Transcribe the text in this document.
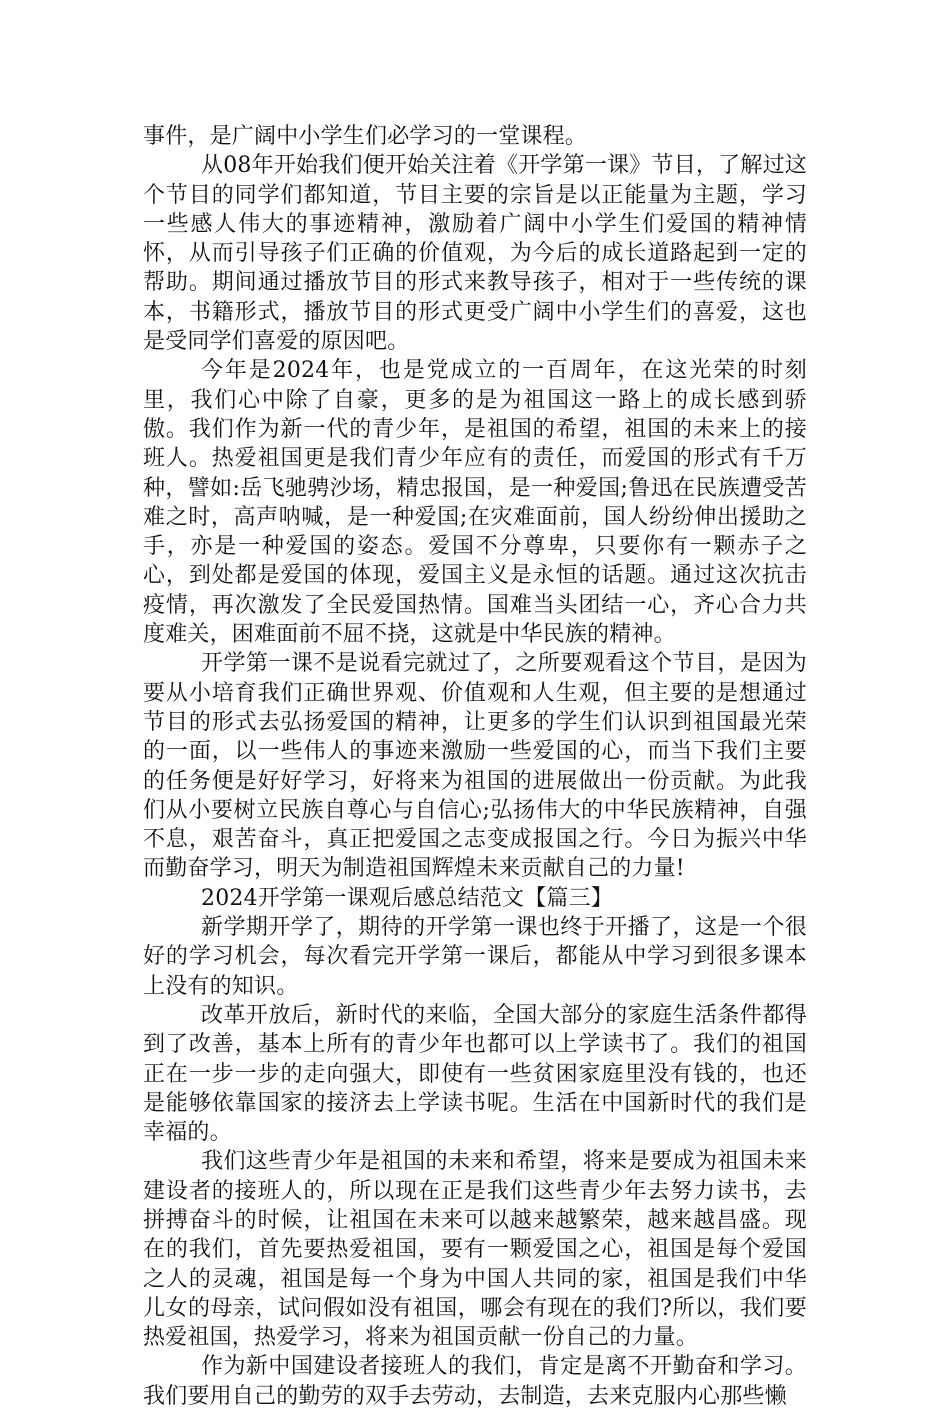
事件，是广阔中小学生们必学习的一堂课程。

从08年开始我们便开始关注着《开学第一课》节目，了解过这个节目的同学们都知道，节目主要的宗旨是以正能量为主题，学习一些感人伟大的事迹精神，激励着广阔中小学生们爱国的精神情怀，从而引导孩子们正确的价值观，为今后的成长道路起到一定的帮助。期间通过播放节目的形式来教导孩子，相对于一些传统的课本，书籍形式，播放节目的形式更受广阔中小学生们的喜爱，这也是受同学们喜爱的原因吧。

今年是2024年，也是党成立的一百周年，在这光荣的时刻里，我们心中除了自豪，更多的是为祖国这一路上的成长感到骄傲。我们作为新一代的青少年，是祖国的希望，祖国的未来上的接班人。热爱祖国更是我们青少年应有的责任，而爱国的形式有千万种，譬如:岳飞驰骋沙场，精忠报国，是一种爱国;鲁迅在民族遭受苦难之时，高声呐喊，是一种爱国;在灾难面前，国人纷纷伸出援助之手，亦是一种爱国的姿态。爱国不分尊卑，只要你有一颗赤子之心，到处都是爱国的体现，爱国主义是永恒的话题。通过这次抗击疫情，再次激发了全民爱国热情。国难当头团结一心，齐心合力共度难关，困难面前不屈不挠，这就是中华民族的精神。

开学第一课不是说看完就过了，之所要观看这个节目，是因为要从小培育我们正确世界观、价值观和人生观，但主要的是想通过节目的形式去弘扬爱国的精神，让更多的学生们认识到祖国最光荣的一面，以一些伟人的事迹来激励一些爱国的心，而当下我们主要的任务便是好好学习，好将来为祖国的进展做出一份贡献。为此我们从小要树立民族自尊心与自信心;弘扬伟大的中华民族精神，自强不息，艰苦奋斗，真正把爱国之志变成报国之行。今日为振兴中华而勤奋学习，明天为制造祖国辉煌未来贡献自己的力量!

2024开学第一课观后感总结范文【篇三】

新学期开学了，期待的开学第一课也终于开播了，这是一个很好的学习机会，每次看完开学第一课后，都能从中学习到很多课本上没有的知识。

改革开放后，新时代的来临，全国大部分的家庭生活条件都得到了改善，基本上所有的青少年也都可以上学读书了。我们的祖国正在一步一步的走向强大，即使有一些贫困家庭里没有钱的，也还是能够依靠国家的接济去上学读书呢。生活在中国新时代的我们是幸福的。

我们这些青少年是祖国的未来和希望，将来是要成为祖国未来建设者的接班人的，所以现在正是我们这些青少年去努力读书，去拼搏奋斗的时候，让祖国在未来可以越来越繁荣，越来越昌盛。现在的我们，首先要热爱祖国，要有一颗爱国之心，祖国是每个爱国之人的灵魂，祖国是每一个身为中国人共同的家，祖国是我们中华儿女的母亲，试问假如没有祖国，哪会有现在的我们?所以，我们要热爱祖国，热爱学习，将来为祖国贡献一份自己的力量。

作为新中国建设者接班人的我们，肯定是离不开勤奋和学习。我们要用自己的勤劳的双手去劳动，去制造，去来克服内心那些懒
